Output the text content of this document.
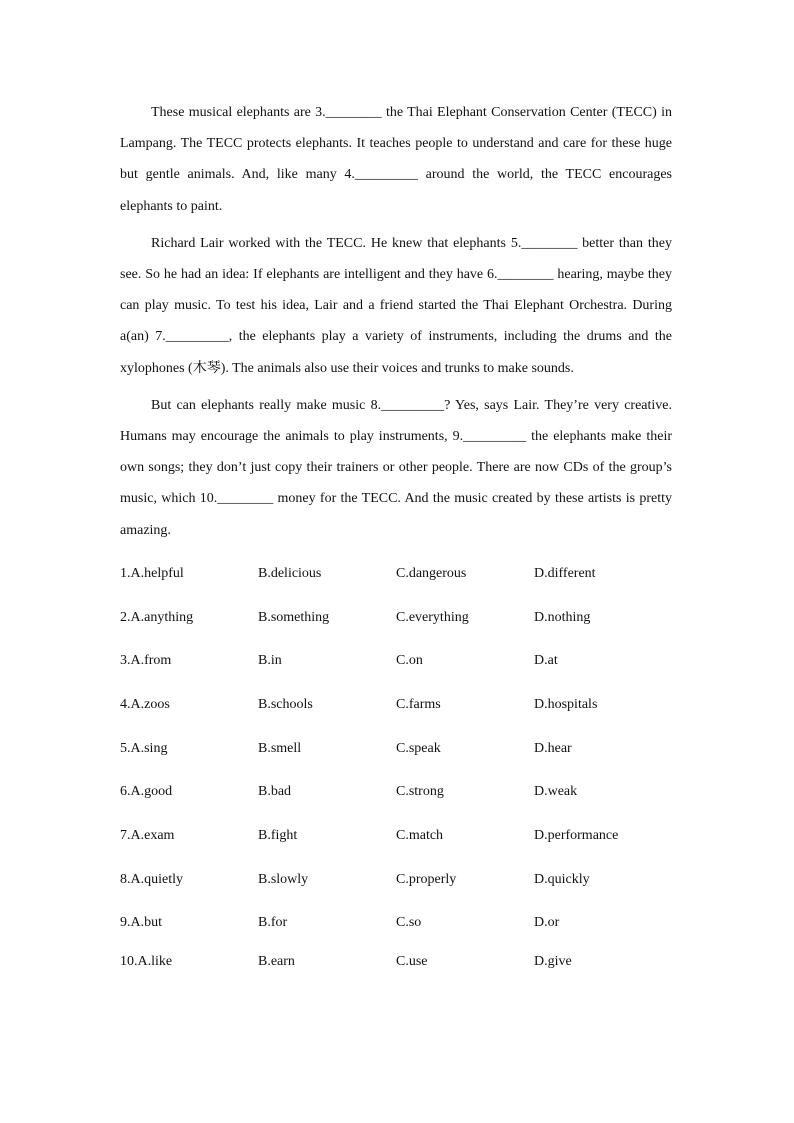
These musical elephants are 3.________ the Thai Elephant Conservation Center (TECC) in Lampang. The TECC protects elephants. It teaches people to understand and care for these huge but gentle animals. And, like many 4._________ around the world, the TECC encourages elephants to paint.

Richard Lair worked with the TECC. He knew that elephants 5.________ better than they see. So he had an idea: If elephants are intelligent and they have 6.________ hearing, maybe they can play music. To test his idea, Lair and a friend started the Thai Elephant Orchestra. During a(an) 7._________, the elephants play a variety of instruments, including the drums and the xylophones (木琴). The animals also use their voices and trunks to make sounds.

But can elephants really make music 8._________? Yes, says Lair. They’re very creative. Humans may encourage the animals to play instruments, 9._________ the elephants make their own songs; they don’t just copy their trainers or other people. There are now CDs of the group’s music, which 10.________ money for the TECC. And the music created by these artists is pretty amazing.

1.A.helpful	B.delicious	C.dangerous	D.different
2.A.anything	B.something	C.everything	D.nothing
3.A.from	B.in	C.on	D.at
4.A.zoos	B.schools	C.farms	D.hospitals
5.A.sing	B.smell	C.speak	D.hear
6.A.good	B.bad	C.strong	D.weak
7.A.exam	B.fight	C.match	D.performance
8.A.quietly	B.slowly	C.properly	D.quickly
9.A.but	B.for	C.so	D.or
10.A.like	B.earn	C.use	D.give
